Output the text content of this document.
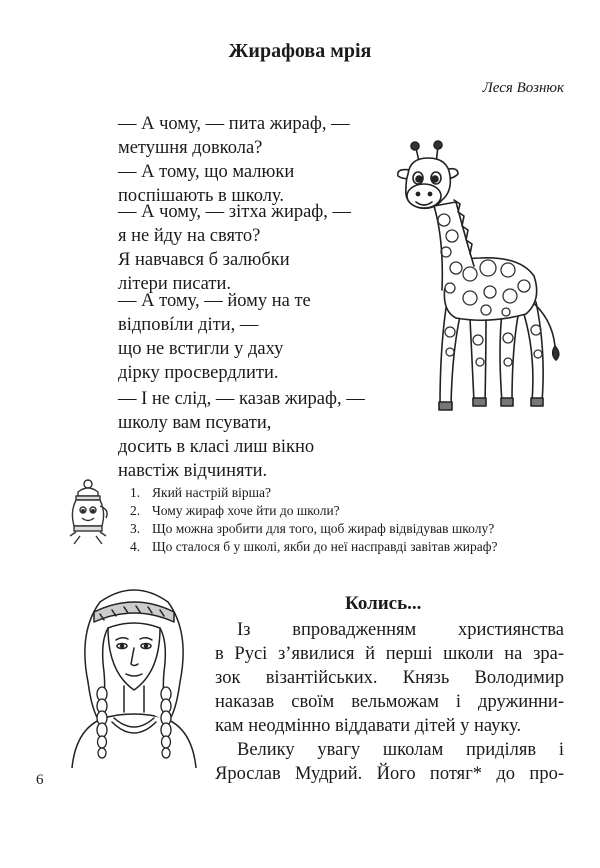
Жирафова мрія
Леся Вознюк
— А чому, — пита жираф, —
метушня довкола?
— А тому, що малюки
поспішають в школу.
— А чому, — зітха жираф, —
я не йду на свято?
Я навчався б залюбки
літери писати.
— А тому, — йому на те
відповíли діти, —
що не встигли у даху
дірку просвердлити.
— І не слід, — казав жираф, —
школу вам псувати,
досить в класі лиш вікно
навстіж відчиняти.
1. Який настрій вірша?
2. Чому жираф хоче йти до школи?
3. Що можна зробити для того, щоб жираф відвідував школу?
4. Що сталося б у школі, якби до неї насправді завітав жираф?
Колись...
Із впровадженням християнства
в Русі з’явилися й перші школи на зра-
зок візантійських. Князь Володимир
наказав своїм вельможам і дружинни-
кам неодмінно віддавати дітей у науку.
Велику увагу школам приділяв і
Ярослав Мудрий. Його потяг* до про-
6
